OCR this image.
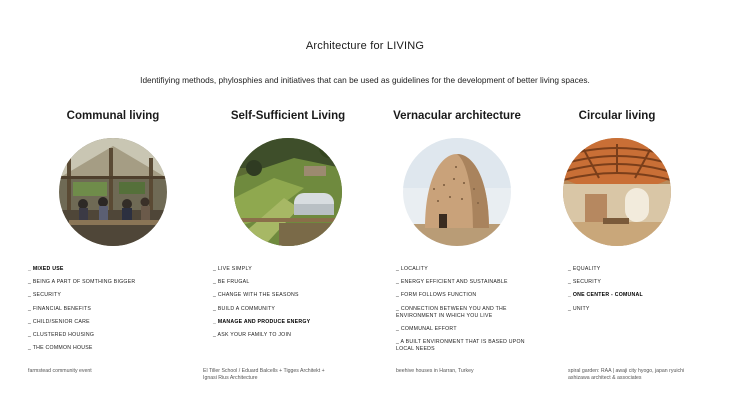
Architecture for LIVING
Identifiying methods, phylosphies and initiatives that can be used as guidelines for the development of better living spaces.
Communal living
_ MIXED USE
_ BEING A PART OF SOMTHING BIGGER
_ SECURITY
_ FINANCIAL BENEFITS
_ CHILD/SENIOR CARE
_ CLUSTERED HOUSING
_ THE COMMON HOUSE
farmstead community event
Self-Sufficient Living
_ LIVE SIMPLY
_ BE FRUGAL
_ CHANGE WITH THE SEASONS
_ BUILD A COMMUNITY
_ MANAGE AND PRODUCE ENERGY
_ ASK YOUR FAMILY TO JOIN
El Tiller School / Eduard Balcells + Tigges Architekt + Ignasi Rius Architecture
Vernacular architecture
_ LOCALITY
_ ENERGY EFFICIENT AND SUSTAINABLE
_ FORM FOLLOWS FUNCTION
_ CONNECTION BETWEEN YOU AND THE ENVIRONMENT IN WHICH YOU LIVE
_ COMMUNAL EFFORT
_ A BUILT ENVIRONMENT THAT IS BASED UPON LOCAL NEEDS
beehive houses in Harran, Turkey
Circular living
_ EQUALITY
_ SECURITY
_ ONE CENTER - COMUNAL
_ UNITY
spiral garden: RAA | awaji city hyogo, japan ryuichi ashizawa architect & associates
